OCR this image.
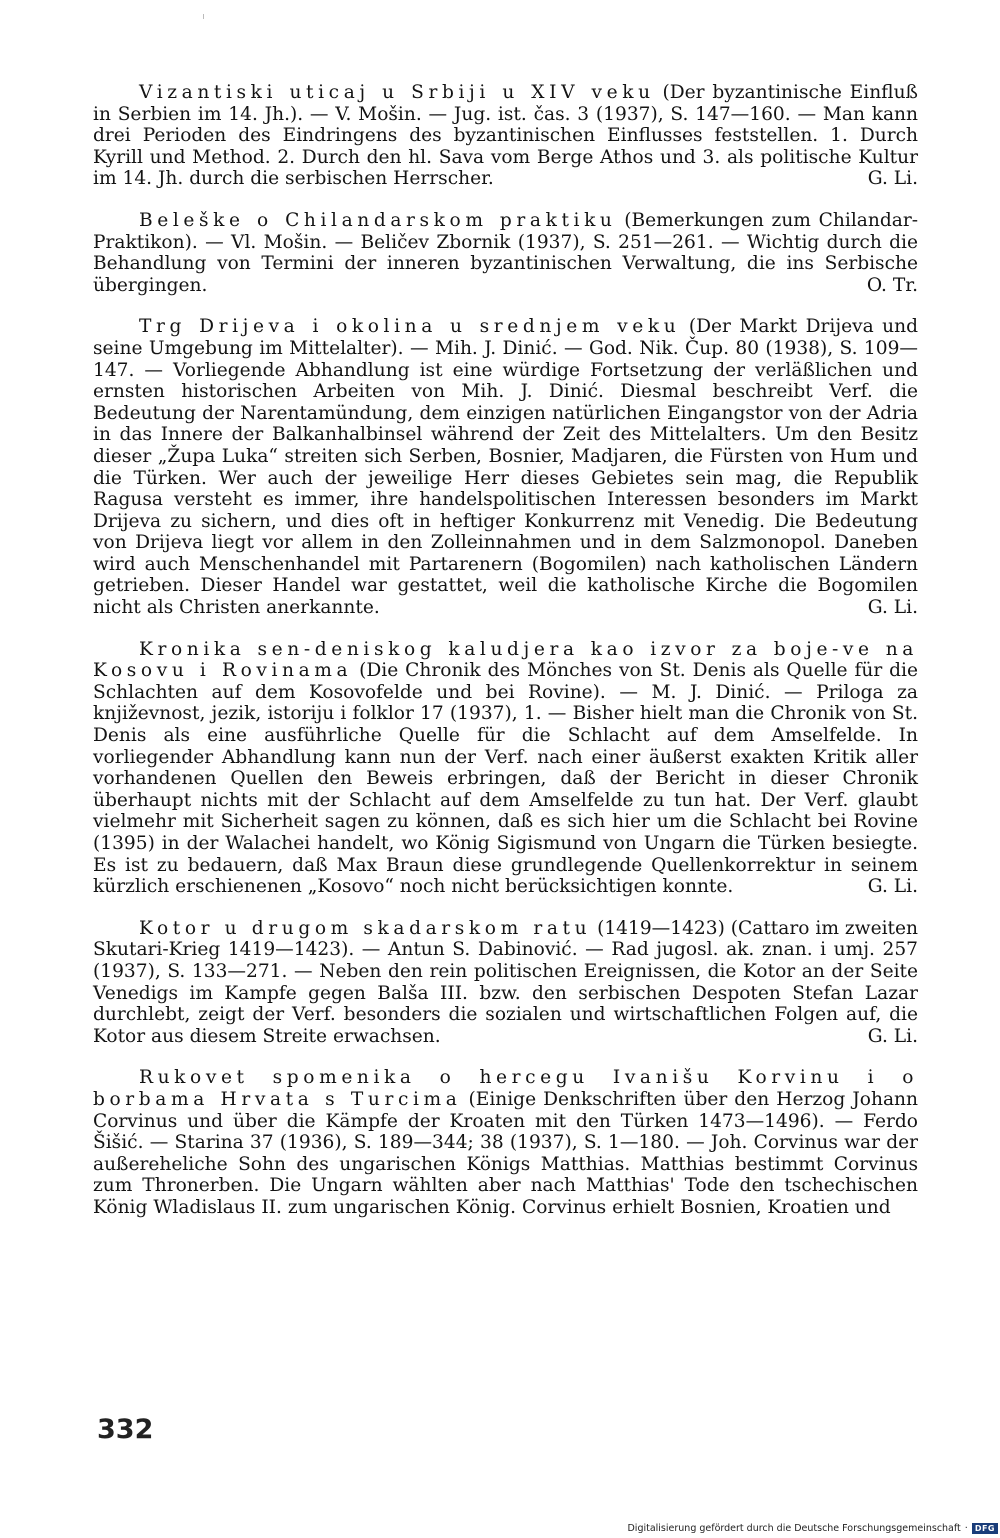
Vizantiski uticaj u Srbiji u XIV veku (Der byzantinische Einfluß in Serbien im 14. Jh.). — V. Mošin. — Jug. ist. čas. 3 (1937), S. 147—160. — Man kann drei Perioden des Eindringens des byzantinischen Einflusses feststellen. 1. Durch Kyrill und Method. 2. Durch den hl. Sava vom Berge Athos und 3. als politische Kultur im 14. Jh. durch die serbischen Herrscher.	G. Li.

Beleške o Chilandarskom praktiku (Bemerkungen zum Chilandar-Praktikon). — Vl. Mošin. — Beličev Zbornik (1937), S. 251—261. — Wichtig durch die Behandlung von Termini der inneren byzantinischen Verwaltung, die ins Serbische übergingen.	O. Tr.

Trg Drijeva i okolina u srednjem veku (Der Markt Drijeva und seine Umgebung im Mittelalter). — Mih. J. Dinić. — God. Nik. Čup. 80 (1938), S. 109—147. — Vorliegende Abhandlung ist eine würdige Fortsetzung der verläßlichen und ernsten historischen Arbeiten von Mih. J. Dinić. Diesmal beschreibt Verf. die Bedeutung der Narentamündung, dem einzigen natürlichen Eingangstor von der Adria in das Innere der Balkanhalbinsel während der Zeit des Mittelalters. Um den Besitz dieser „Župa Luka“ streiten sich Serben, Bosnier, Madjaren, die Fürsten von Hum und die Türken. Wer auch der jeweilige Herr dieses Gebietes sein mag, die Republik Ragusa versteht es immer, ihre handelspolitischen Interessen besonders im Markt Drijeva zu sichern, und dies oft in heftiger Konkurrenz mit Venedig. Die Bedeutung von Drijeva liegt vor allem in den Zolleinnahmen und in dem Salzmonopol. Daneben wird auch Menschenhandel mit Partarenern (Bogomilen) nach katholischen Ländern getrieben. Dieser Handel war gestattet, weil die katholische Kirche die Bogomilen nicht als Christen anerkannte.	G. Li.

Kronika sen-deniskog kaludjera kao izvor za boje-ve na Kosovu i Rovinama (Die Chronik des Mönches von St. Denis als Quelle für die Schlachten auf dem Kosovofelde und bei Rovine). — M. J. Dinić. — Priloga za književnost, jezik, istoriju i folklor 17 (1937), 1. — Bisher hielt man die Chronik von St. Denis als eine ausführliche Quelle für die Schlacht auf dem Amselfelde. In vorliegender Abhandlung kann nun der Verf. nach einer äußerst exakten Kritik aller vorhandenen Quellen den Beweis erbringen, daß der Bericht in dieser Chronik überhaupt nichts mit der Schlacht auf dem Amselfelde zu tun hat. Der Verf. glaubt vielmehr mit Sicherheit sagen zu können, daß es sich hier um die Schlacht bei Rovine (1395) in der Walachei handelt, wo König Sigismund von Ungarn die Türken besiegte. Es ist zu bedauern, daß Max Braun diese grundlegende Quellenkorrektur in seinem kürzlich erschienenen „Kosovo“ noch nicht berücksichtigen konnte.	G. Li.

Kotor u drugom skadarskom ratu (1419—1423) (Cattaro im zweiten Skutari-Krieg 1419—1423). — Antun S. Dabinović. — Rad jugosl. ak. znan. i umj. 257 (1937), S. 133—271. — Neben den rein politischen Ereignissen, die Kotor an der Seite Venedigs im Kampfe gegen Balša III. bzw. den serbischen Despoten Stefan Lazar durchlebt, zeigt der Verf. besonders die sozialen und wirtschaftlichen Folgen auf, die Kotor aus diesem Streite erwachsen.	G. Li.

Rukovet spomenika o hercegu Ivanišu Korvinu i o borbama Hrvata s Turcima (Einige Denkschriften über den Herzog Johann Corvinus und über die Kämpfe der Kroaten mit den Türken 1473—1496). — Ferdo Šišić. — Starina 37 (1936), S. 189—344; 38 (1937), S. 1—180. — Joh. Corvinus war der außereheliche Sohn des ungarischen Königs Matthias. Matthias bestimmt Corvinus zum Thronerben. Die Ungarn wählten aber nach Matthias' Tode den tschechischen König Wladislaus II. zum ungarischen König. Corvinus erhielt Bosnien, Kroatien und

332
Digitalisierung gefördert durch die Deutsche Forschungsgemeinschaft · DFG
